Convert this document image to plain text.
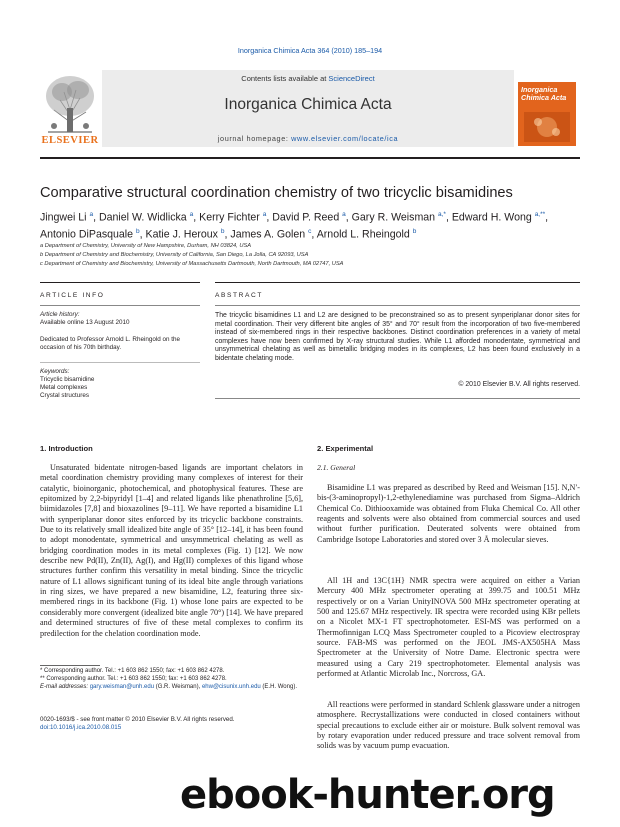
Inorganica Chimica Acta 364 (2010) 185–194
Contents lists available at ScienceDirect
Inorganica Chimica Acta
journal homepage: www.elsevier.com/locate/ica
ELSEVIER
Inorganica Chimica Acta
Comparative structural coordination chemistry of two tricyclic bisamidines
Jingwei Li $^a$, Daniel W. Widlicka $^a$, Kerry Fichter $^a$, David P. Reed $^a$, Gary R. Weisman $^{a,*}$, Edward H. Wong $^{a,**}$,
Antonio DiPasquale $^b$, Katie J. Heroux $^b$, James A. Golen $^c$, Arnold L. Rheingold $^b$
a Department of Chemistry, University of New Hampshire, Durham, NH 03824, USA
b Department of Chemistry and Biochemistry, University of California, San Diego, La Jolla, CA 92093, USA
c Department of Chemistry and Biochemistry, University of Massachusetts Dartmouth, North Dartmouth, MA 02747, USA
ARTICLE INFO	ABSTRACT
Article history:
Available online 13 August 2010
Dedicated to Professor Arnold L. Rheingold on the occasion of his 70th birthday.
Keywords:
Tricyclic bisamidine
Metal complexes
Crystal structures
The tricyclic bisamidines L1 and L2 are designed to be preconstrained so as to present synperiplanar donor sites for metal coordination. Their very different bite angles of 35° and 70° result from the incorporation of two five-membered instead of six-membered rings in their respective backbones. Distinct coordination preferences in a variety of metal complexes have now been confirmed by X-ray structural studies. While L1 afforded monodentate, symmetrical and unsymmetrical chelating as well as bimetallic bridging modes in its complexes, L2 has been found exclusively in a bidentate chelating mode.
© 2010 Elsevier B.V. All rights reserved.
1. Introduction
Unsaturated bidentate nitrogen-based ligands are important chelators in metal coordination chemistry providing many complexes of interest for their catalytic, bioinorganic, photochemical, and photophysical features. These are epitomized by 2,2-bipyridyl [1–4] and related ligands like phenathroline [5,6], biimidazoles [7,8] and bioxazolines [9–11]. We have reported a bisamidine L1 with synperiplanar donor sites enforced by its tricyclic backbone constraints. Due to its relatively small idealized bite angle of 35° [12–14], it has been found to adopt monodentate, symmetrical and unsymmetrical chelating as well as bridging coordination modes in its metal complexes (Fig. 1) [12]. We now describe new Pd(II), Zn(II), Ag(I), and Hg(II) complexes of this ligand whose structures further confirm this versatility in metal binding. Since the tricyclic nature of L1 allows significant tuning of its ideal bite angle through variations in ring sizes, we have prepared a new bisamidine, L2, featuring three six-membered rings in its backbone (Fig. 1) whose lone pairs are expected to be considerably more convergent (idealized bite angle 70°) [14]. We have prepared and determined structures of five of these metal complexes to confirm its predilection for the chelation coordination mode.
2. Experimental
2.1. General
Bisamidine L1 was prepared as described by Reed and Weisman [15]. N,N′-bis-(3-aminopropyl)-1,2-ethylenediamine was purchased from Sigma–Aldrich Chemical Co. Dithiooxamide was obtained from Fluka Chemical Co. All other reagents and solvents were also obtained from commercial sources and used without further purification. Deuterated solvents were obtained from Cambridge Isotope Laboratories and stored over 3 Å molecular sieves.
All 1H and 13C{1H} NMR spectra were acquired on either a Varian Mercury 400 MHz spectrometer operating at 399.75 and 100.51 MHz respectively or on a Varian UnityINOVA 500 MHz spectrometer operating at 500 and 125.67 MHz respectively. IR spectra were recorded using KBr pellets on a Nicolet MX-1 FT spectrophotometer. ESI-MS was performed on a Thermofinnigan LCQ Mass Spectrometer coupled to a Picoview electrospray source. FAB-MS was performed on the JEOL JMS-AX505HA Mass Spectrometer at the University of Notre Dame. Electronic spectra were measured using a Cary 219 spectrophotometer. Elemental analysis was performed at Atlantic Microlab Inc., Norcross, GA.
All reactions were performed in standard Schlenk glassware under a nitrogen atmosphere. Recrystallizations were conducted in closed containers without special precautions to exclude either air or moisture. Bulk solvent removal was by rotary evaporation under reduced pressure and trace solvent removal from solids was by vacuum pump evacuation.
* Corresponding author. Tel.: +1 603 862 1550; fax: +1 603 862 4278.
** Corresponding author. Tel.: +1 603 862 1550; fax: +1 603 862 4278.
E-mail addresses: gary.weisman@unh.edu (G.R. Weisman), ehw@cisunix.unh.edu (E.H. Wong).
0020-1693/$ - see front matter © 2010 Elsevier B.V. All rights reserved.
doi:10.1016/j.ica.2010.08.015
ebook-hunter.org
